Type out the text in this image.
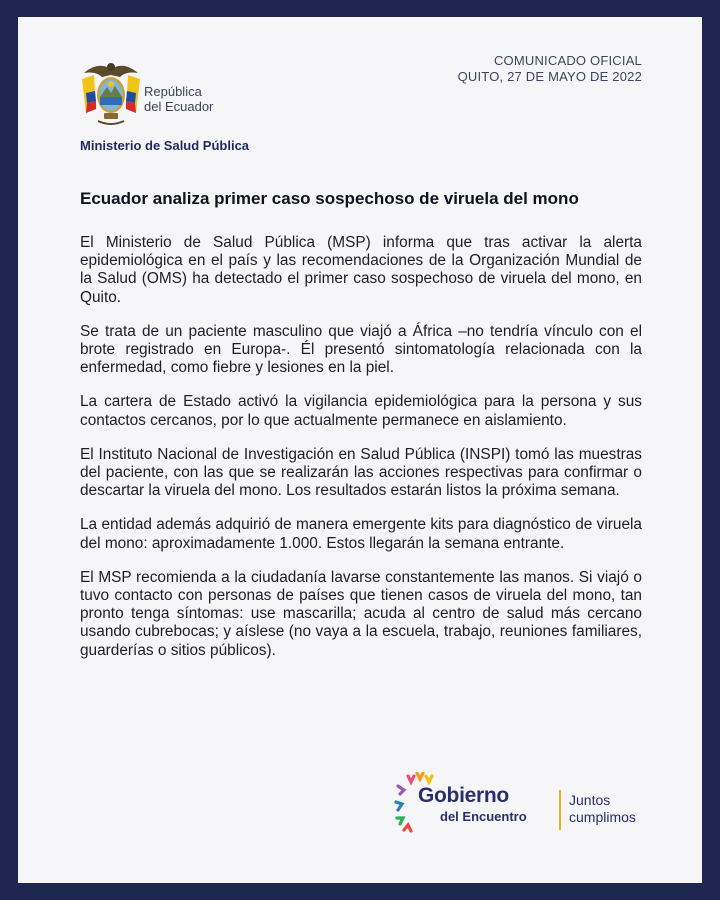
República
del Ecuador
Ministerio de Salud Pública
COMUNICADO OFICIAL
QUITO, 27 DE MAYO DE 2022
Ecuador analiza primer caso sospechoso de viruela del mono

El Ministerio de Salud Pública (MSP) informa que tras activar la alerta epidemiológica en el país y las recomendaciones de la Organización Mundial de la Salud (OMS) ha detectado el primer caso sospechoso de viruela del mono, en Quito.

Se trata de un paciente masculino que viajó a África –no tendría vínculo con el brote registrado en Europa-. Él presentó sintomatología relacionada con la enfermedad, como fiebre y lesiones en la piel.

La cartera de Estado activó la vigilancia epidemiológica para la persona y sus contactos cercanos, por lo que actualmente permanece en aislamiento.

El Instituto Nacional de Investigación en Salud Pública (INSPI) tomó las muestras del paciente, con las que se realizarán las acciones respectivas para confirmar o descartar la viruela del mono. Los resultados estarán listos la próxima semana.

La entidad además adquirió de manera emergente kits para diagnóstico de viruela del mono: aproximadamente 1.000. Estos llegarán la semana entrante.

El MSP recomienda a la ciudadanía lavarse constantemente las manos. Si viajó o tuvo contacto con personas de países que tienen casos de viruela del mono, tan pronto tenga síntomas: use mascarilla; acuda al centro de salud más cercano usando cubrebocas; y aíslese (no vaya a la escuela, trabajo, reuniones familiares, guarderías o sitios públicos).

Gobierno
del Encuentro
Juntos
cumplimos
